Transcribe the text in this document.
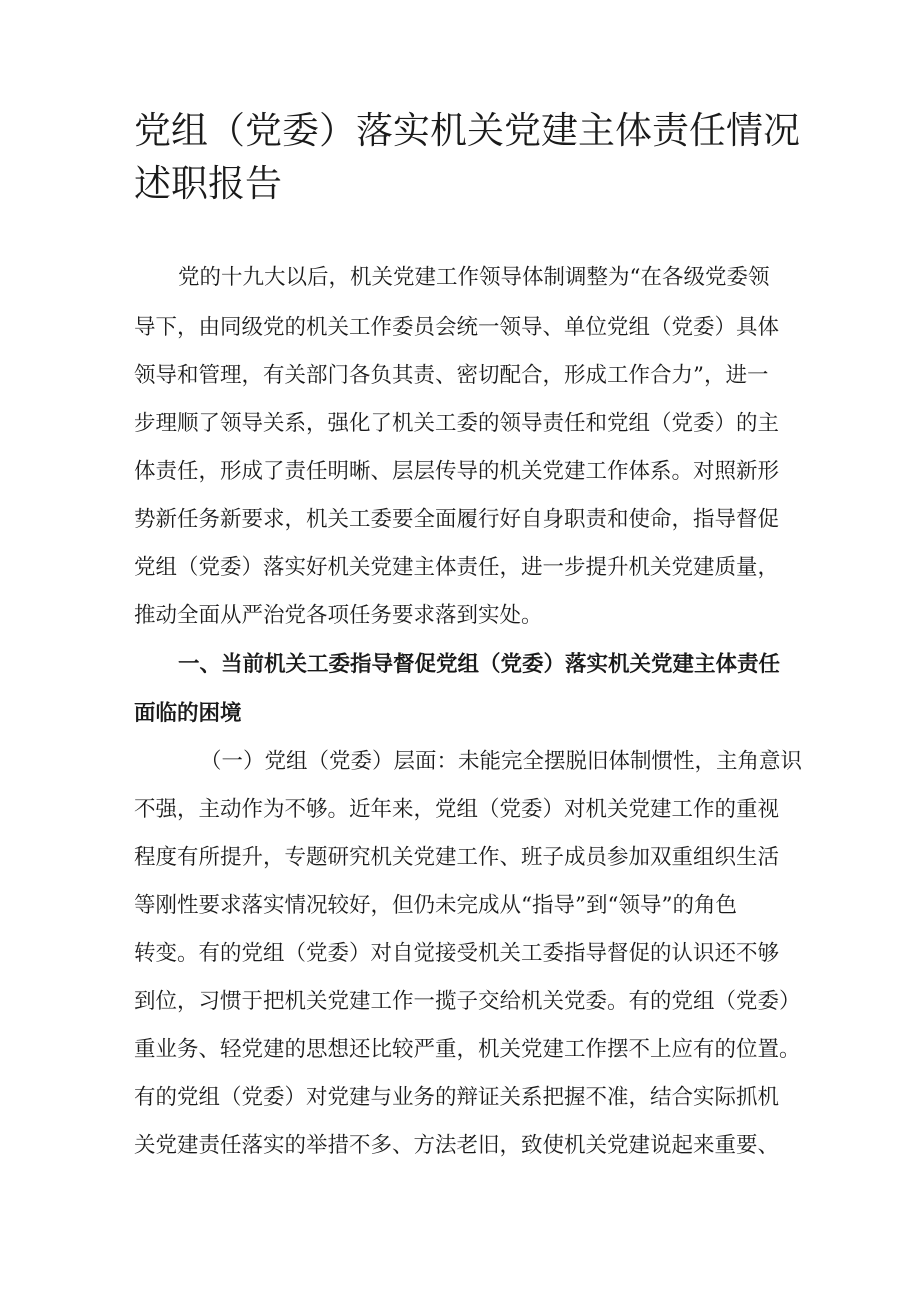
党组（党委）落实机关党建主体责任情况述职报告

党的十九大以后，机关党建工作领导体制调整为“在各级党委领

导下，由同级党的机关工作委员会统一领导、单位党组（党委）具体

领导和管理，有关部门各负其责、密切配合，形成工作合力”，进一

步理顺了领导关系，强化了机关工委的领导责任和党组（党委）的主

体责任，形成了责任明晰、层层传导的机关党建工作体系。对照新形

势新任务新要求，机关工委要全面履行好自身职责和使命，指导督促

党组（党委）落实好机关党建主体责任，进一步提升机关党建质量，

推动全面从严治党各项任务要求落到实处。

一、当前机关工委指导督促党组（党委）落实机关党建主体责任

面临的困境

（一）党组（党委）层面：未能完全摆脱旧体制惯性，主角意识

不强，主动作为不够。近年来，党组（党委）对机关党建工作的重视

程度有所提升，专题研究机关党建工作、班子成员参加双重组织生活

等刚性要求落实情况较好，但仍未完成从“指导”到“领导”的角色

转变。有的党组（党委）对自觉接受机关工委指导督促的认识还不够

到位，习惯于把机关党建工作一揽子交给机关党委。有的党组（党委）

重业务、轻党建的思想还比较严重，机关党建工作摆不上应有的位置。

有的党组（党委）对党建与业务的辩证关系把握不准，结合实际抓机

关党建责任落实的举措不多、方法老旧，致使机关党建说起来重要、
